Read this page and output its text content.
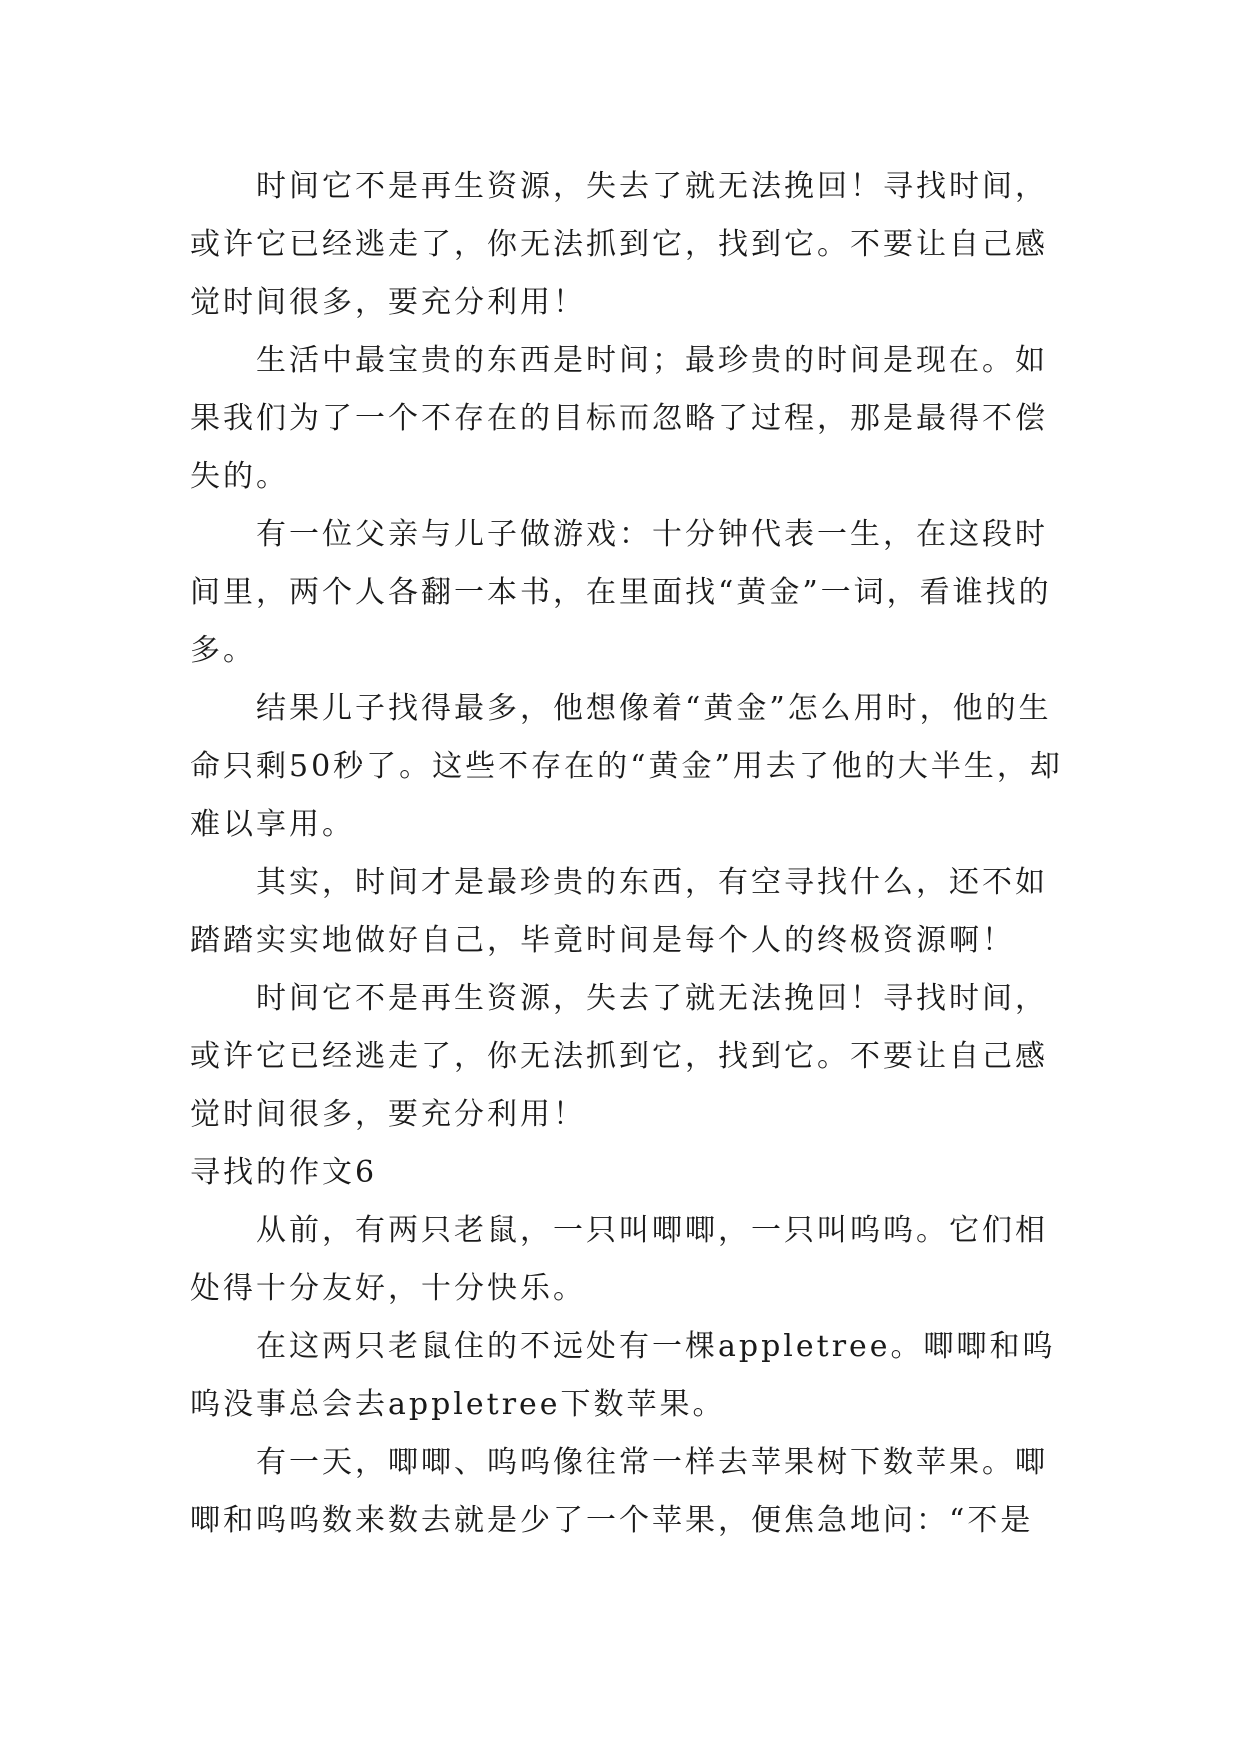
时间它不是再生资源，失去了就无法挽回！寻找时间，或许它已经逃走了，你无法抓到它，找到它。不要让自己感觉时间很多，要充分利用！

生活中最宝贵的东西是时间；最珍贵的时间是现在。如果我们为了一个不存在的目标而忽略了过程，那是最得不偿失的。

有一位父亲与儿子做游戏：十分钟代表一生，在这段时间里，两个人各翻一本书，在里面找“黄金”一词，看谁找的多。

结果儿子找得最多，他想像着“黄金”怎么用时，他的生命只剩50秒了。这些不存在的“黄金”用去了他的大半生，却难以享用。

其实，时间才是最珍贵的东西，有空寻找什么，还不如踏踏实实地做好自己，毕竟时间是每个人的终极资源啊！

时间它不是再生资源，失去了就无法挽回！寻找时间，或许它已经逃走了，你无法抓到它，找到它。不要让自己感觉时间很多，要充分利用！

寻找的作文6

从前，有两只老鼠，一只叫唧唧，一只叫呜呜。它们相处得十分友好，十分快乐。

在这两只老鼠住的不远处有一棵appletree。唧唧和呜呜没事总会去appletree下数苹果。

有一天，唧唧、呜呜像往常一样去苹果树下数苹果。唧唧和呜呜数来数去就是少了一个苹果，便焦急地问：“不是
